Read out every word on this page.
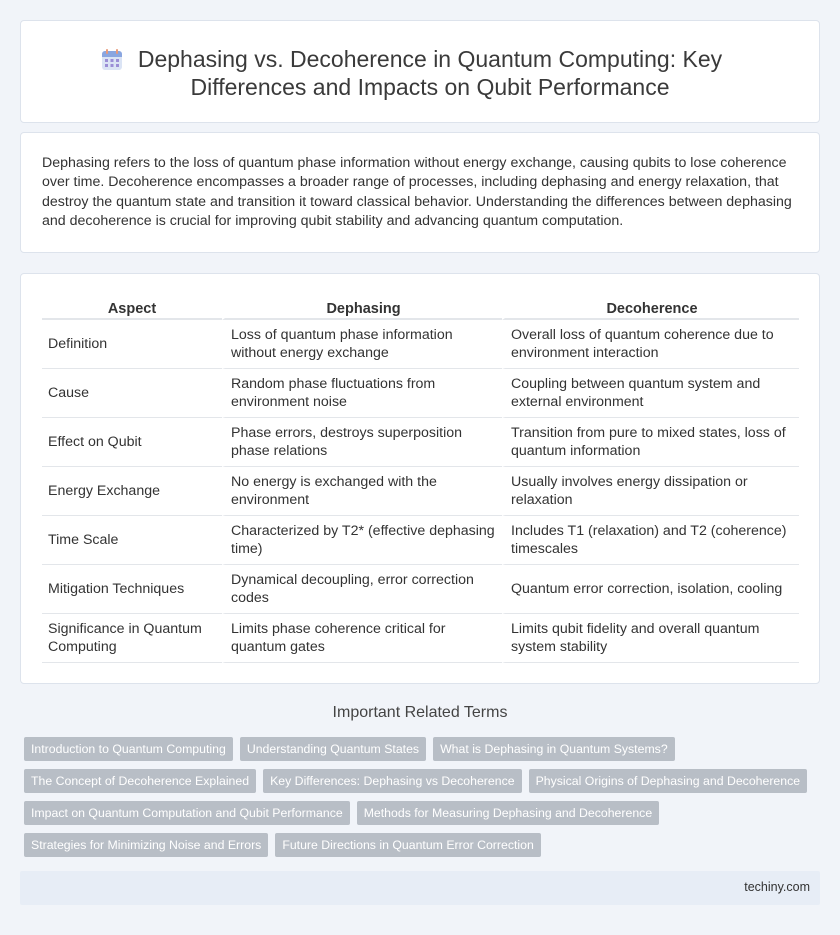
Dephasing vs. Decoherence in Quantum Computing: Key Differences and Impacts on Qubit Performance

Dephasing refers to the loss of quantum phase information without energy exchange, causing qubits to lose coherence over time. Decoherence encompasses a broader range of processes, including dephasing and energy relaxation, that destroy the quantum state and transition it toward classical behavior. Understanding the differences between dephasing and decoherence is crucial for improving qubit stability and advancing quantum computation.

Aspect	Dephasing	Decoherence
Definition	Loss of quantum phase information without energy exchange	Overall loss of quantum coherence due to environment interaction
Cause	Random phase fluctuations from environment noise	Coupling between quantum system and external environment
Effect on Qubit	Phase errors, destroys superposition phase relations	Transition from pure to mixed states, loss of quantum information
Energy Exchange	No energy is exchanged with the environment	Usually involves energy dissipation or relaxation
Time Scale	Characterized by T2* (effective dephasing time)	Includes T1 (relaxation) and T2 (coherence) timescales
Mitigation Techniques	Dynamical decoupling, error correction codes	Quantum error correction, isolation, cooling
Significance in Quantum Computing	Limits phase coherence critical for quantum gates	Limits qubit fidelity and overall quantum system stability
Important Related Terms
Introduction to Quantum Computing	Understanding Quantum States	What is Dephasing in Quantum Systems?
The Concept of Decoherence Explained	Key Differences: Dephasing vs Decoherence	Physical Origins of Dephasing and Decoherence
Impact on Quantum Computation and Qubit Performance	Methods for Measuring Dephasing and Decoherence
Strategies for Minimizing Noise and Errors	Future Directions in Quantum Error Correction
techiny.com
